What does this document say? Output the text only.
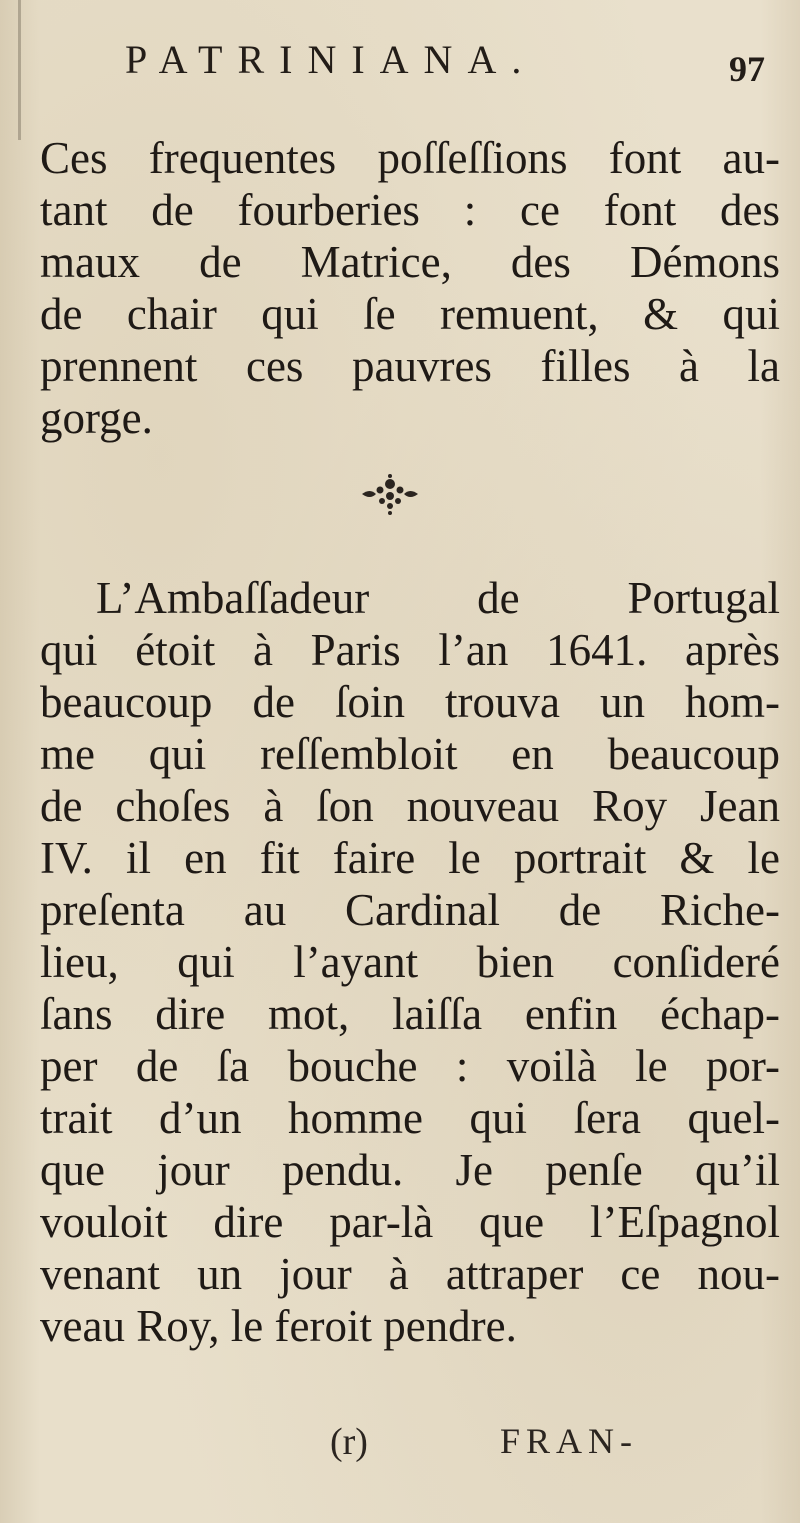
PATRINIANA.	97
Ces frequentes poſſeſſions font au-
tant de fourberies : ce font des
maux de Matrice, des Démons
de chair qui ſe remuent, & qui
prennent ces pauvres filles à la
gorge.
L’Ambaſſadeur de Portugal
qui étoit à Paris l’an 1641. après
beaucoup de ſoin trouva un hom-
me qui reſſembloit en beaucoup
de choſes à ſon nouveau Roy Jean
IV. il en fit faire le portrait & le
preſenta au Cardinal de Riche-
lieu, qui l’ayant bien conſideré
ſans dire mot, laiſſa enfin échap-
per de ſa bouche : voilà le por-
trait d’un homme qui ſera quel-
que jour pendu. Je penſe qu’il
vouloit dire par-là que l’Eſpagnol
venant un jour à attraper ce nou-
veau Roy, le feroit pendre.
(r)	FRAN-
